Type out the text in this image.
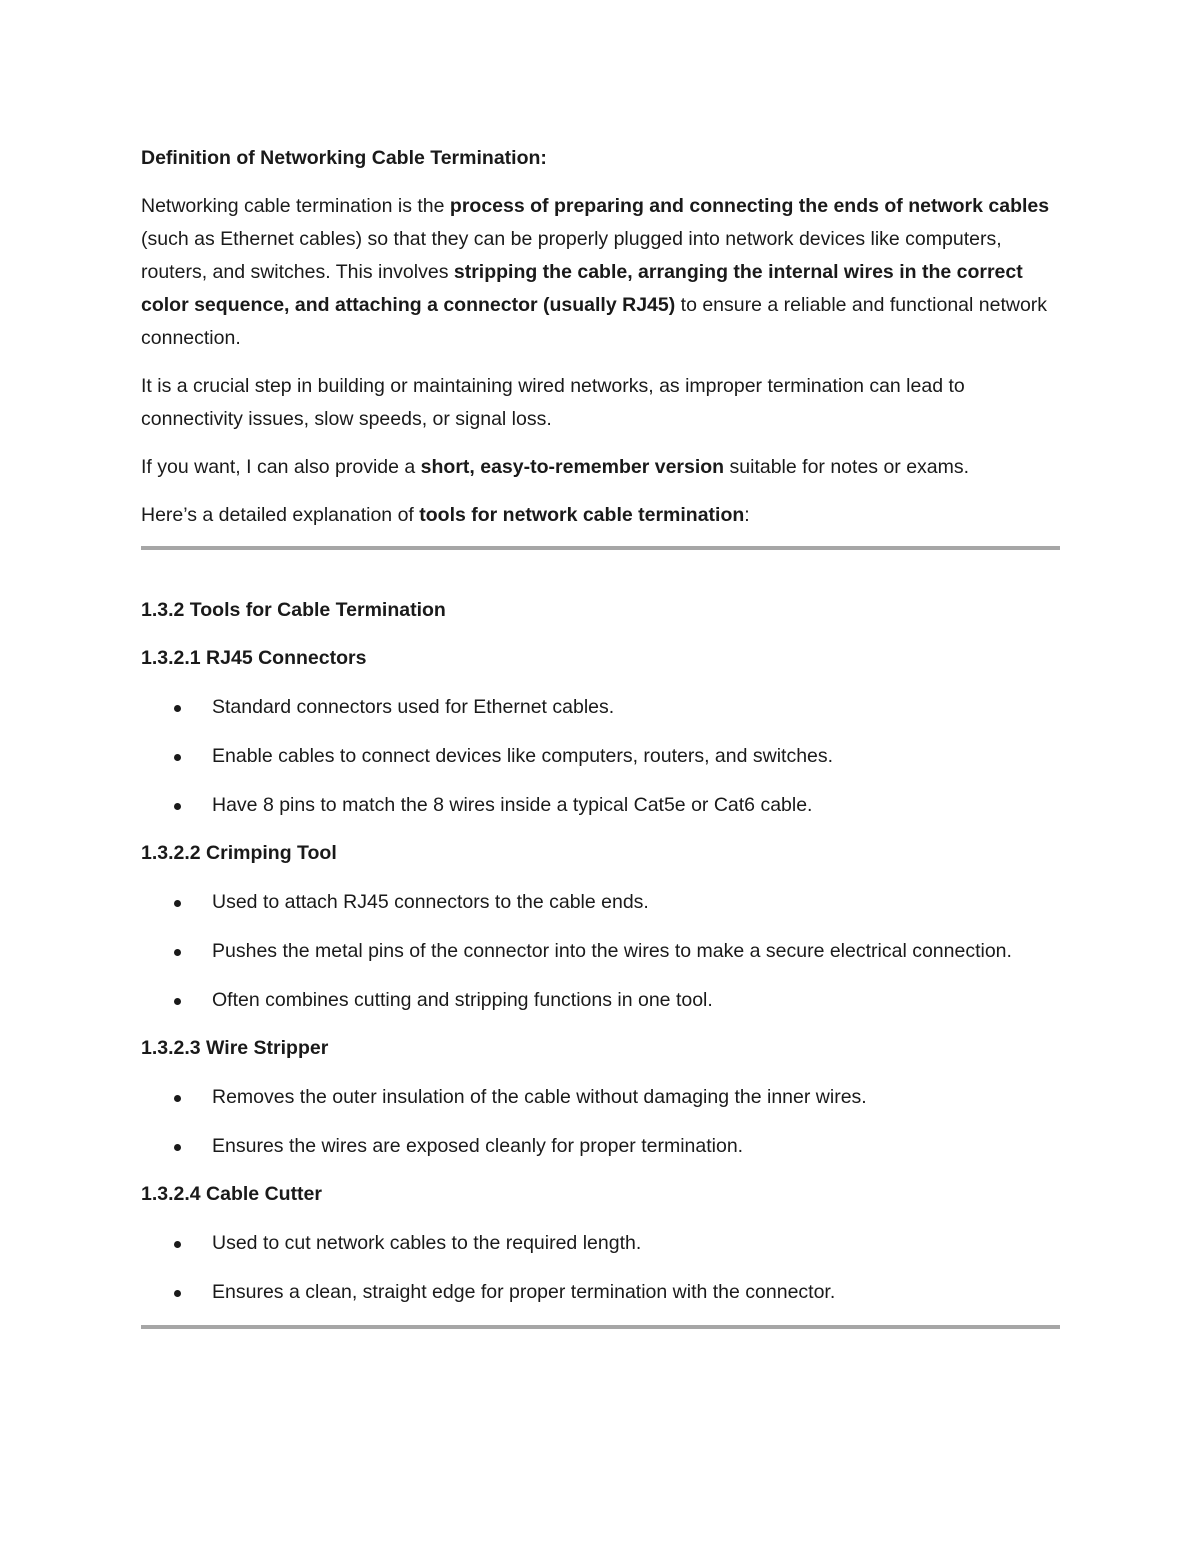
Definition of Networking Cable Termination:

Networking cable termination is the process of preparing and connecting the ends of network cables (such as Ethernet cables) so that they can be properly plugged into network devices like computers, routers, and switches. This involves stripping the cable, arranging the internal wires in the correct color sequence, and attaching a connector (usually RJ45) to ensure a reliable and functional network connection.

It is a crucial step in building or maintaining wired networks, as improper termination can lead to connectivity issues, slow speeds, or signal loss.

If you want, I can also provide a short, easy-to-remember version suitable for notes or exams.

Here’s a detailed explanation of tools for network cable termination:

1.3.2 Tools for Cable Termination
1.3.2.1 RJ45 Connectors
Standard connectors used for Ethernet cables.
Enable cables to connect devices like computers, routers, and switches.
Have 8 pins to match the 8 wires inside a typical Cat5e or Cat6 cable.
1.3.2.2 Crimping Tool
Used to attach RJ45 connectors to the cable ends.
Pushes the metal pins of the connector into the wires to make a secure electrical connection.
Often combines cutting and stripping functions in one tool.
1.3.2.3 Wire Stripper
Removes the outer insulation of the cable without damaging the inner wires.
Ensures the wires are exposed cleanly for proper termination.
1.3.2.4 Cable Cutter
Used to cut network cables to the required length.
Ensures a clean, straight edge for proper termination with the connector.
